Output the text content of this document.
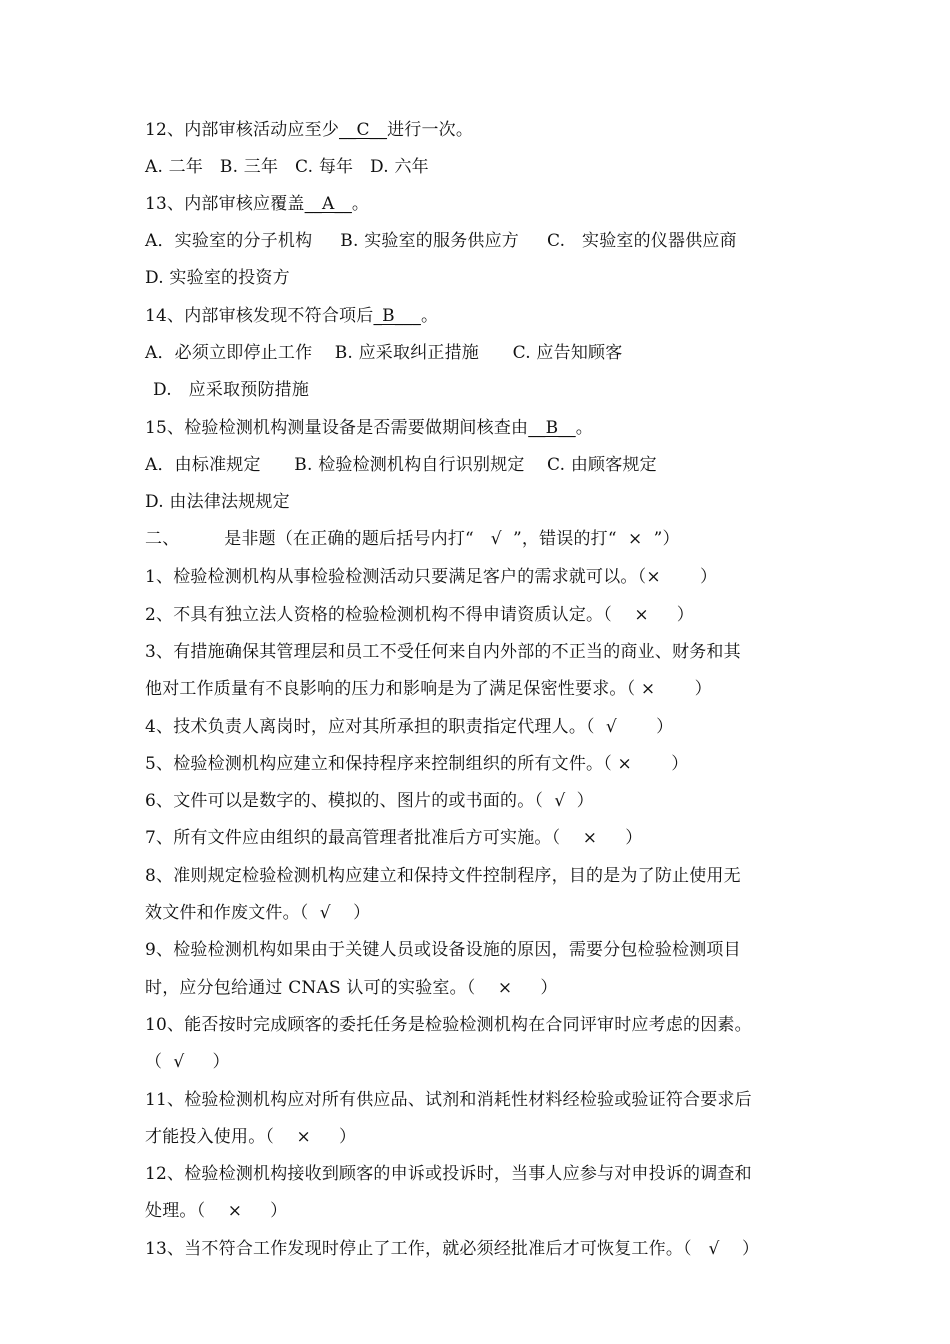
12、内部审核活动应至少__C__进行一次。
A. 二年   B. 三年   C. 每年   D. 六年
13、内部审核应覆盖__A__。
A．实验室的分子机构     B. 实验室的服务供应方     C.   实验室的仪器供应商
D. 实验室的投资方
14、内部审核发现不符合项后_B___。
A．必须立即停止工作    B. 应采取纠正措施      C. 应告知顾客
D.   应采取预防措施
15、检验检测机构测量设备是否需要做期间核查由__B__。
A．由标准规定      B. 检验检测机构自行识别规定    C. 由顾客规定
D. 由法律法规规定
二、        是非题（在正确的题后括号内打“   √  ”，错误的打“  ×  ”）
1、检验检测机构从事检验检测活动只要满足客户的需求就可以。（×       ）
2、不具有独立法人资格的检验检测机构不得申请资质认定。（    ×     ）
3、有措施确保其管理层和员工不受任何来自内外部的不正当的商业、财务和其
他对工作质量有不良影响的压力和影响是为了满足保密性要求。（ ×       ）
4、技术负责人离岗时，应对其所承担的职责指定代理人。（  √       ）
5、检验检测机构应建立和保持程序来控制组织的所有文件。（ ×       ）
6、文件可以是数字的、模拟的、图片的或书面的。（  √  ）
7、所有文件应由组织的最高管理者批准后方可实施。（    ×     ）
8、准则规定检验检测机构应建立和保持文件控制程序，目的是为了防止使用无
效文件和作废文件。（  √    ）
9、检验检测机构如果由于关键人员或设备设施的原因，需要分包检验检测项目
时，应分包给通过 CNAS 认可的实验室。（    ×     ）
10、能否按时完成顾客的委托任务是检验检测机构在合同评审时应考虑的因素。
（  √     ）
11、检验检测机构应对所有供应品、试剂和消耗性材料经检验或验证符合要求后
才能投入使用。（    ×     ）
12、检验检测机构接收到顾客的申诉或投诉时，当事人应参与对申投诉的调查和
处理。（    ×     ）
13、当不符合工作发现时停止了工作，就必须经批准后才可恢复工作。（   √    ）
